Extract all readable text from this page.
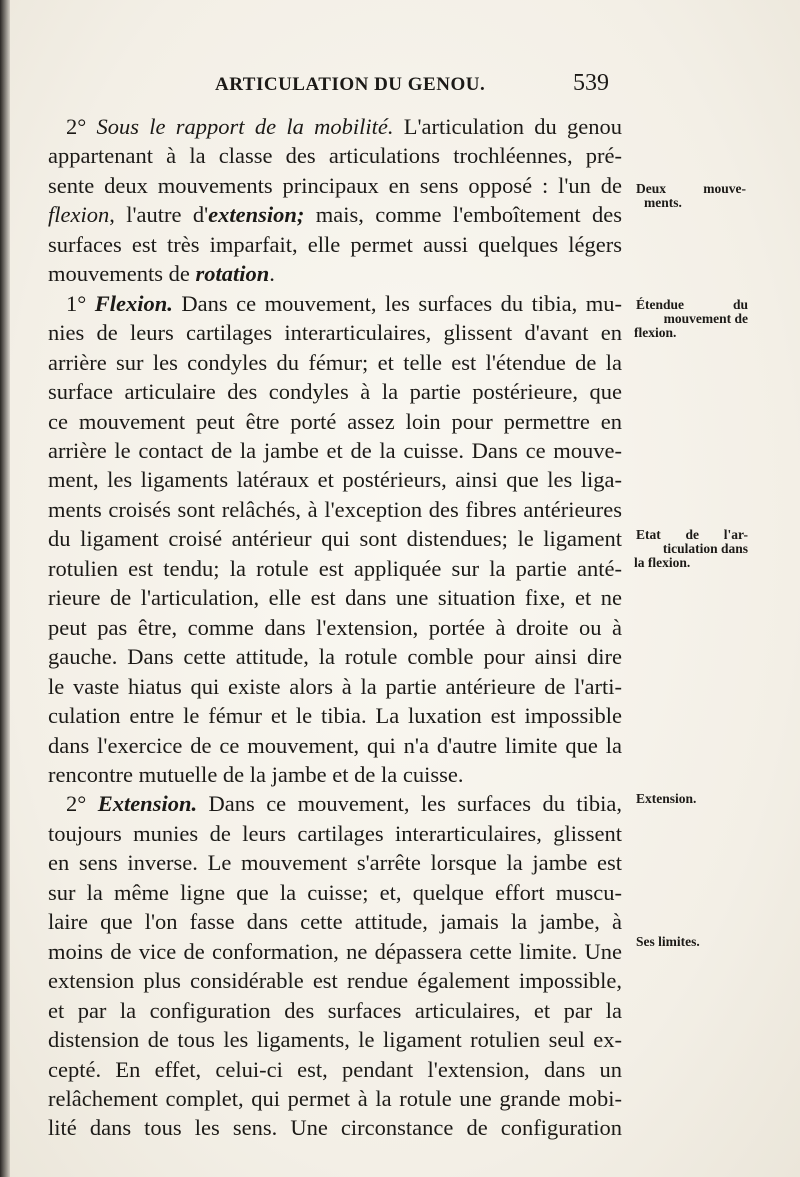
ARTICULATION DU GENOU.	539
2° Sous le rapport de la mobilité. L'articulation du genou
appartenant à la classe des articulations trochléennes, pré-
sente deux mouvements principaux en sens opposé : l'un de
flexion, l'autre d'extension; mais, comme l'emboîtement des
surfaces est très imparfait, elle permet aussi quelques légers
mouvements de rotation.
1° Flexion. Dans ce mouvement, les surfaces du tibia, mu-
nies de leurs cartilages interarticulaires, glissent d'avant en
arrière sur les condyles du fémur; et telle est l'étendue de la
surface articulaire des condyles à la partie postérieure, que
ce mouvement peut être porté assez loin pour permettre en
arrière le contact de la jambe et de la cuisse. Dans ce mouve-
ment, les ligaments latéraux et postérieurs, ainsi que les liga-
ments croisés sont relâchés, à l'exception des fibres antérieures
du ligament croisé antérieur qui sont distendues; le ligament
rotulien est tendu; la rotule est appliquée sur la partie anté-
rieure de l'articulation, elle est dans une situation fixe, et ne
peut pas être, comme dans l'extension, portée à droite ou à
gauche. Dans cette attitude, la rotule comble pour ainsi dire
le vaste hiatus qui existe alors à la partie antérieure de l'arti-
culation entre le fémur et le tibia. La luxation est impossible
dans l'exercice de ce mouvement, qui n'a d'autre limite que la
rencontre mutuelle de la jambe et de la cuisse.
2° Extension. Dans ce mouvement, les surfaces du tibia,
toujours munies de leurs cartilages interarticulaires, glissent
en sens inverse. Le mouvement s'arrête lorsque la jambe est
sur la même ligne que la cuisse; et, quelque effort muscu-
laire que l'on fasse dans cette attitude, jamais la jambe, à
moins de vice de conformation, ne dépassera cette limite. Une
extension plus considérable est rendue également impossible,
et par la configuration des surfaces articulaires, et par la
distension de tous les ligaments, le ligament rotulien seul ex-
cepté. En effet, celui-ci est, pendant l'extension, dans un
relâchement complet, qui permet à la rotule une grande mobi-
lité dans tous les sens. Une circonstance de configuration
Deux mouve-
ments.
Étendue du
mouvement de
flexion.
Etat de l'ar-
ticulation dans
la flexion.
Extension.
Ses limites.
